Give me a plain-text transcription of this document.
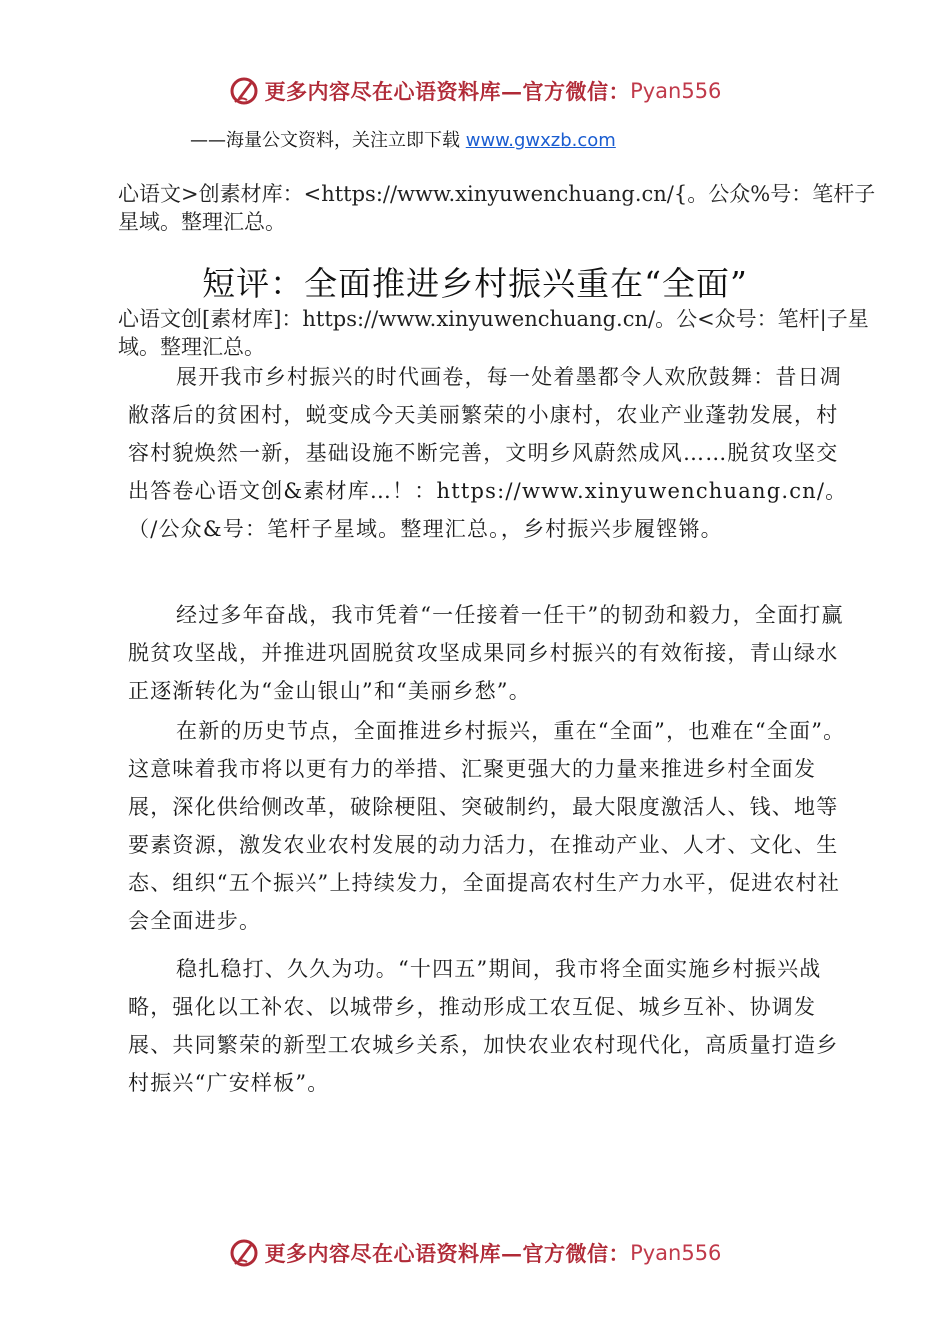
更多内容尽在心语资料库—官方微信： Pyan556
——海量公文资料，关注立即下载 www.gwxzb.com
心语文>创素材库：<https://www.xinyuwenchuang.cn/{。公众%号：笔杆子星域。整理汇总。
短评：全面推进乡村振兴重在“全面”
心语文创[素材库]：https://www.xinyuwenchuang.cn/。公<众号：笔杆|子星域。整理汇总。

展开我市乡村振兴的时代画卷，每一处着墨都令人欢欣鼓舞：昔日凋敝落后的贫困村，蜕变成今天美丽繁荣的小康村，农业产业蓬勃发展，村容村貌焕然一新，基础设施不断完善，文明乡风蔚然成风……脱贫攻坚交出答卷心语文创&素材库…！：https://www.xinyuwenchuang.cn/。（/公众&号：笔杆子星域。整理汇总。，乡村振兴步履铿锵。

经过多年奋战，我市凭着“一任接着一任干”的韧劲和毅力，全面打赢脱贫攻坚战，并推进巩固脱贫攻坚成果同乡村振兴的有效衔接，青山绿水正逐渐转化为“金山银山”和“美丽乡愁”。

在新的历史节点，全面推进乡村振兴，重在“全面”，也难在“全面”。这意味着我市将以更有力的举措、汇聚更强大的力量来推进乡村全面发展，深化供给侧改革，破除梗阻、突破制约，最大限度激活人、钱、地等要素资源，激发农业农村发展的动力活力，在推动产业、人才、文化、生态、组织“五个振兴”上持续发力，全面提高农村生产力水平，促进农村社会全面进步。

稳扎稳打、久久为功。“十四五”期间，我市将全面实施乡村振兴战略，强化以工补农、以城带乡，推动形成工农互促、城乡互补、协调发展、共同繁荣的新型工农城乡关系，加快农业农村现代化，高质量打造乡村振兴“广安样板”。

更多内容尽在心语资料库—官方微信： Pyan556
